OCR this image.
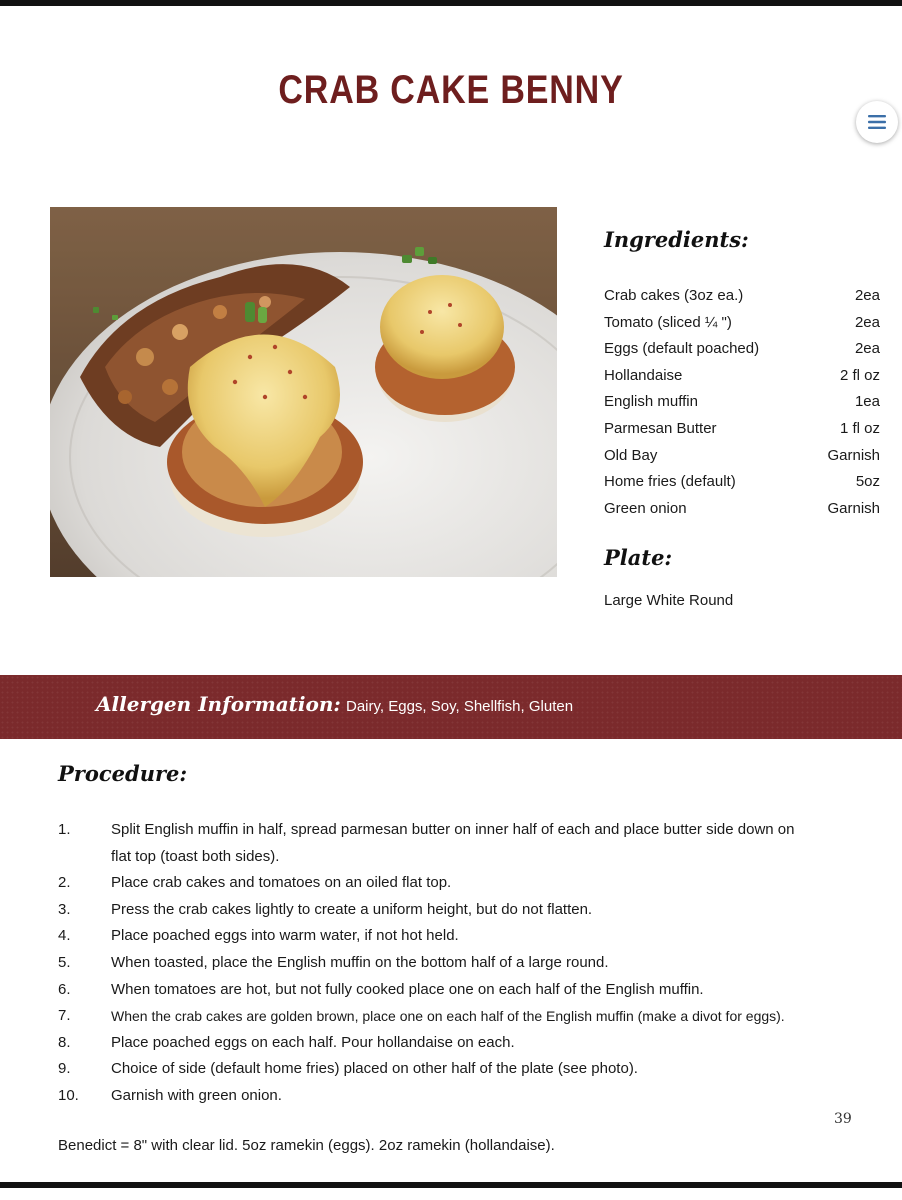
CRAB CAKE BENNY
Ingredients:
Crab cakes (3oz ea.)	2ea
Tomato (sliced ¼ ")	2ea
Eggs (default poached)	2ea
Hollandaise	2 fl oz
English muffin	1ea
Parmesan Butter	1 fl oz
Old Bay	Garnish
Home fries (default)	5oz
Green onion	Garnish
Plate:
Large White Round
Allergen Information: Dairy, Eggs, Soy, Shellfish, Gluten
Procedure:
1.	Split English muffin in half, spread parmesan butter on inner half of each and place butter side down on flat top (toast both sides).
2.	Place crab cakes and tomatoes on an oiled flat top.
3.	Press the crab cakes lightly to create a uniform height, but do not flatten.
4.	Place poached eggs into warm water, if not hot held.
5.	When toasted, place the English muffin on the bottom half of a large round.
6.	When tomatoes are hot, but not fully cooked place one on each half of the English muffin.
7.	When the crab cakes are golden brown, place one on each half of the English muffin (make a divot for eggs).
8.	Place poached eggs on each half. Pour hollandaise on each.
9.	Choice of side (default home fries) placed on other half of the plate (see photo).
10.	Garnish with green onion.
39
Benedict = 8" with clear lid. 5oz ramekin (eggs). 2oz ramekin (hollandaise).
